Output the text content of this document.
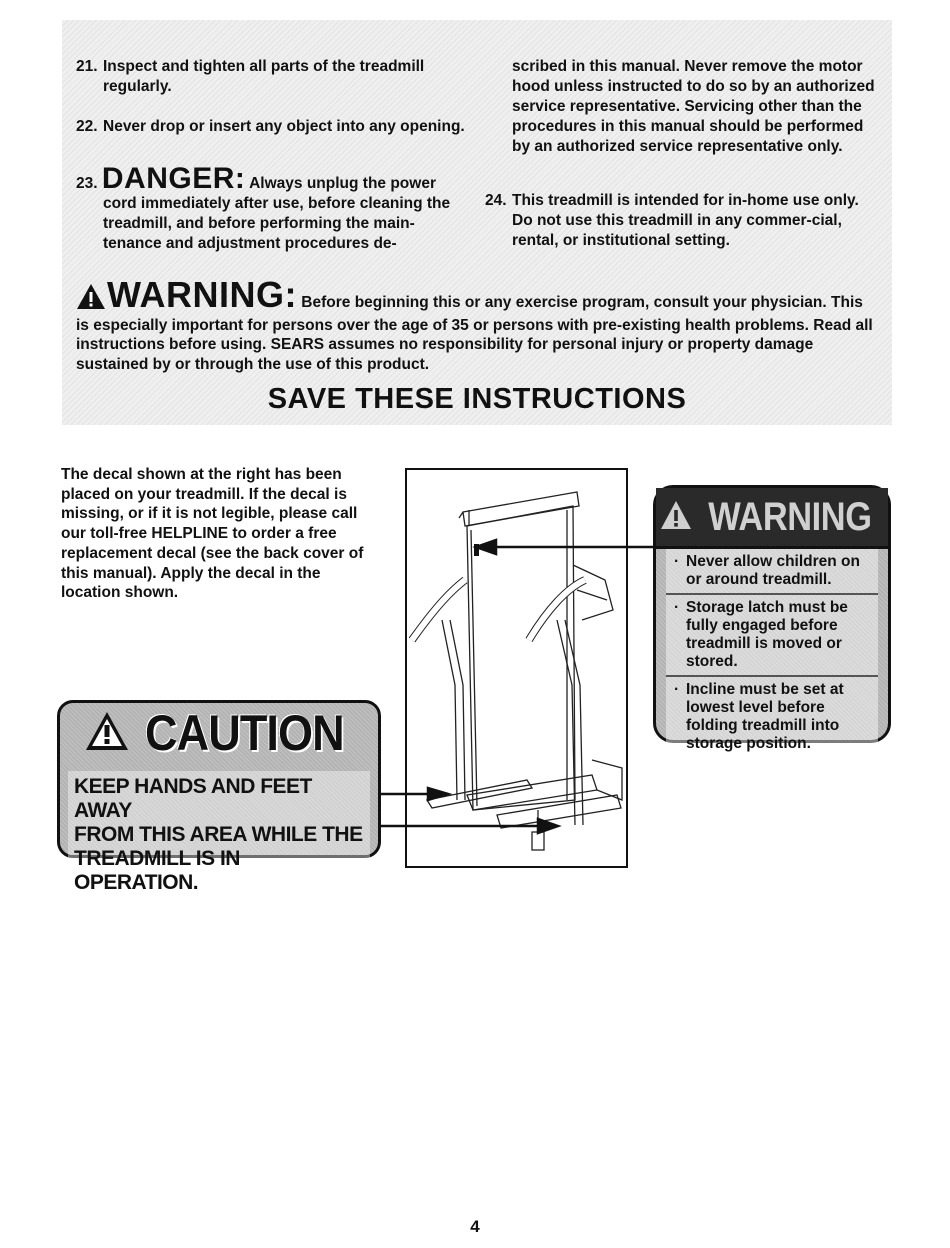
21. Inspect and tighten all parts of the treadmill regularly.
22. Never drop or insert any object into any opening.
23. DANGER: Always unplug the power
cord immediately after use, before cleaning the treadmill, and before performing the main-tenance and adjustment procedures de-
scribed in this manual. Never remove the motor hood unless instructed to do so by an authorized service representative. Servicing other than the procedures in this manual should be performed by an authorized service representative only.
24. This treadmill is intended for in-home use only. Do not use this treadmill in any commer-cial, rental, or institutional setting.
WARNING: Before beginning this or any exercise program, consult your physician. This is especially important for persons over the age of 35 or persons with pre-existing health problems. Read all instructions before using. SEARS assumes no responsibility for personal injury or property damage sustained by or through the use of this product.
SAVE THESE INSTRUCTIONS
The decal shown at the right has been placed on your treadmill. If the decal is missing, or if it is not legible, please call our toll-free HELPLINE to order a free replacement decal (see the back cover of this manual). Apply the decal in the location shown.
WARNING
· Never allow children on or around treadmill.
· Storage latch must be fully engaged before treadmill is moved or stored.
· Incline must be set at lowest level before folding treadmill into storage position.
CAUTION
KEEP HANDS AND FEET AWAY
FROM THIS AREA WHILE THE
TREADMILL IS IN OPERATION.
4
